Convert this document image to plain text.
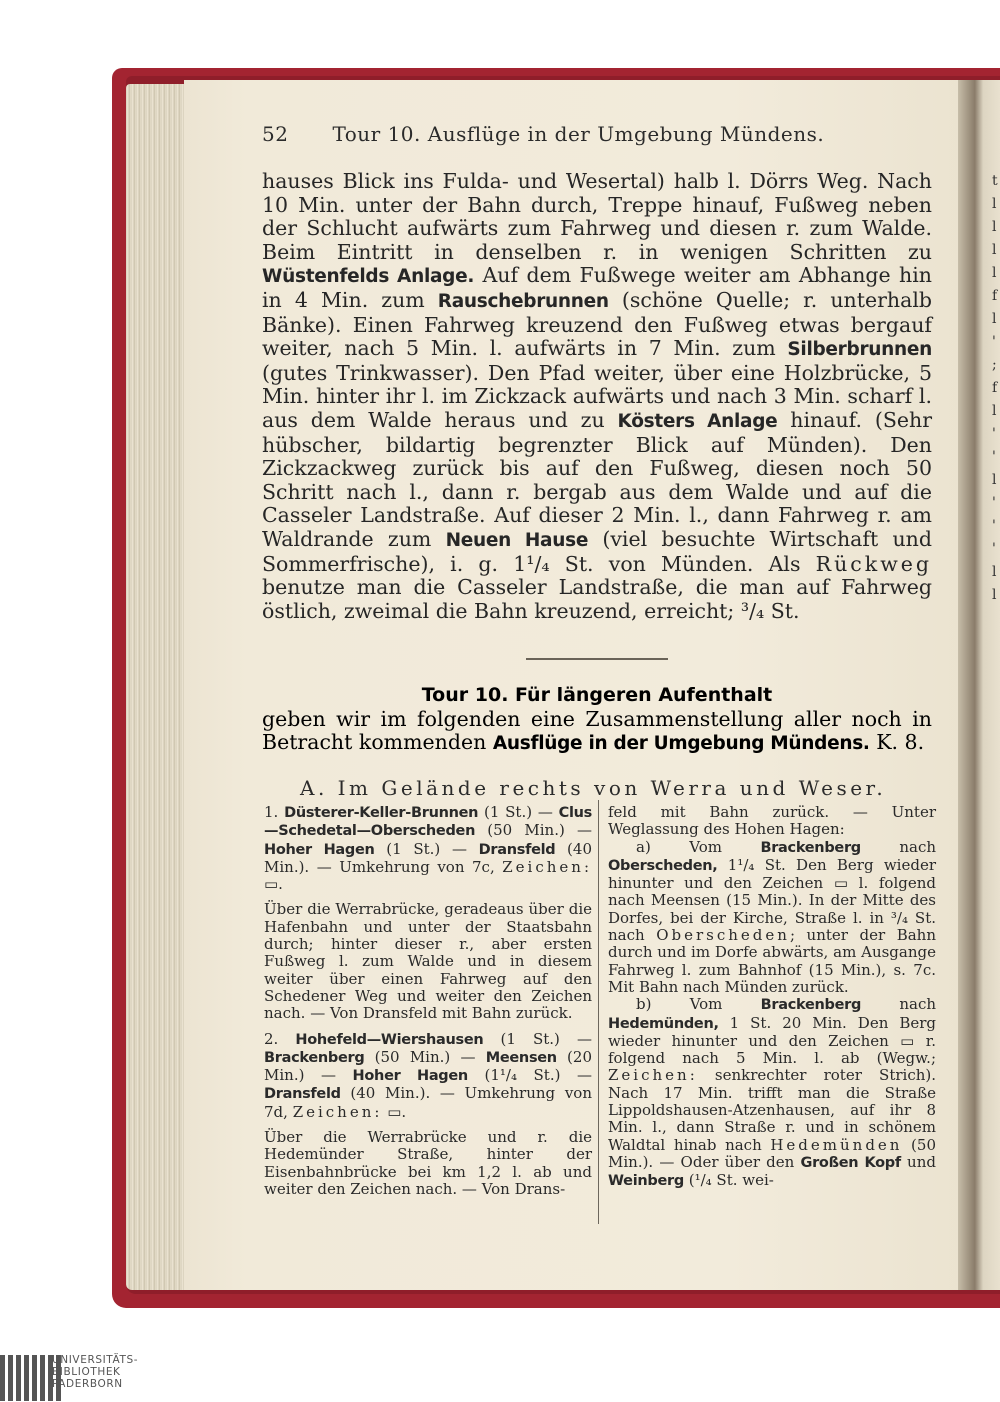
52 Tour 10. Ausflüge in der Umgebung Mündens.

hauses Blick ins Fulda- und Wesertal) halb l. Dörrs Weg. Nach 10 Min. unter der Bahn durch, Treppe hinauf, Fußweg neben der Schlucht aufwärts zum Fahrweg und diesen r. zum Walde. Beim Eintritt in denselben r. in wenigen Schritten zu Wüstenfelds Anlage. Auf dem Fußwege weiter am Abhange hin in 4 Min. zum Rauschebrunnen (schöne Quelle; r. unterhalb Bänke). Einen Fahrweg kreuzend den Fußweg etwas bergauf weiter, nach 5 Min. l. aufwärts in 7 Min. zum Silberbrunnen (gutes Trinkwasser). Den Pfad weiter, über eine Holzbrücke, 5 Min. hinter ihr l. im Zickzack aufwärts und nach 3 Min. scharf l. aus dem Walde heraus und zu Kösters Anlage hinauf. (Sehr hübscher, bildartig begrenzter Blick auf Münden). Den Zickzackweg zurück bis auf den Fußweg, diesen noch 50 Schritt nach l., dann r. bergab aus dem Walde und auf die Casseler Landstraße. Auf dieser 2 Min. l., dann Fahrweg r. am Waldrande zum Neuen Hause (viel besuchte Wirtschaft und Sommerfrische), i. g. 1¹/₄ St. von Münden. Als Rückweg benutze man die Casseler Landstraße, die man auf Fahrweg östlich, zweimal die Bahn kreuzend, erreicht; ³/₄ St.

Tour 10. Für längeren Aufenthalt

geben wir im folgenden eine Zusammenstellung aller noch in Betracht kommenden Ausflüge in der Umgebung Mündens. K. 8.

A. Im Gelände rechts von Werra und Weser.

1. Düsterer-Keller-Brunnen (1 St.) — Clus—Schedetal—Oberscheden (50 Min.) — Hoher Hagen (1 St.) — Dransfeld (40 Min.). — Umkehrung von 7c, Zeichen: ▭.

Über die Werrabrücke, geradeaus über die Hafenbahn und unter der Staatsbahn durch; hinter dieser r., aber ersten Fußweg l. zum Walde und in diesem weiter über einen Fahrweg auf den Schedener Weg und weiter den Zeichen nach. — Von Dransfeld mit Bahn zurück.

2. Hohefeld—Wiershausen (1 St.) — Brackenberg (50 Min.) — Meensen (20 Min.) — Hoher Hagen (1¹/₄ St.) — Dransfeld (40 Min.). — Umkehrung von 7d, Zeichen: ▭.

Über die Werrabrücke und r. die Hedemünder Straße, hinter der Eisenbahnbrücke bei km 1,2 l. ab und weiter den Zeichen nach. — Von Drans-

feld mit Bahn zurück. — Unter Weglassung des Hohen Hagen:

a) Vom Brackenberg nach Oberscheden, 1¹/₄ St. Den Berg wieder hinunter und den Zeichen ▭ l. folgend nach Meensen (15 Min.). In der Mitte des Dorfes, bei der Kirche, Straße l. in ³/₄ St. nach Oberscheden; unter der Bahn durch und im Dorfe abwärts, am Ausgange Fahrweg l. zum Bahnhof (15 Min.), s. 7c. Mit Bahn nach Münden zurück.

b) Vom Brackenberg nach Hedemünden, 1 St. 20 Min. Den Berg wieder hinunter und den Zeichen ▭ r. folgend nach 5 Min. l. ab (Wegw.; Zeichen: senkrechter roter Strich). Nach 17 Min. trifft man die Straße Lippoldshausen-Atzenhausen, auf ihr 8 Min. l., dann Straße r. und in schönem Waldtal hinab nach Hedemünden (50 Min.). — Oder über den Großen Kopf und Weinberg (¹/₄ St. wei-

t
l
l
l
l
f
l
'
;
f
l
'
'
l
'
'
'
l
l
UNIVERSITÄTS-
BIBLIOTHEK
PADERBORN
